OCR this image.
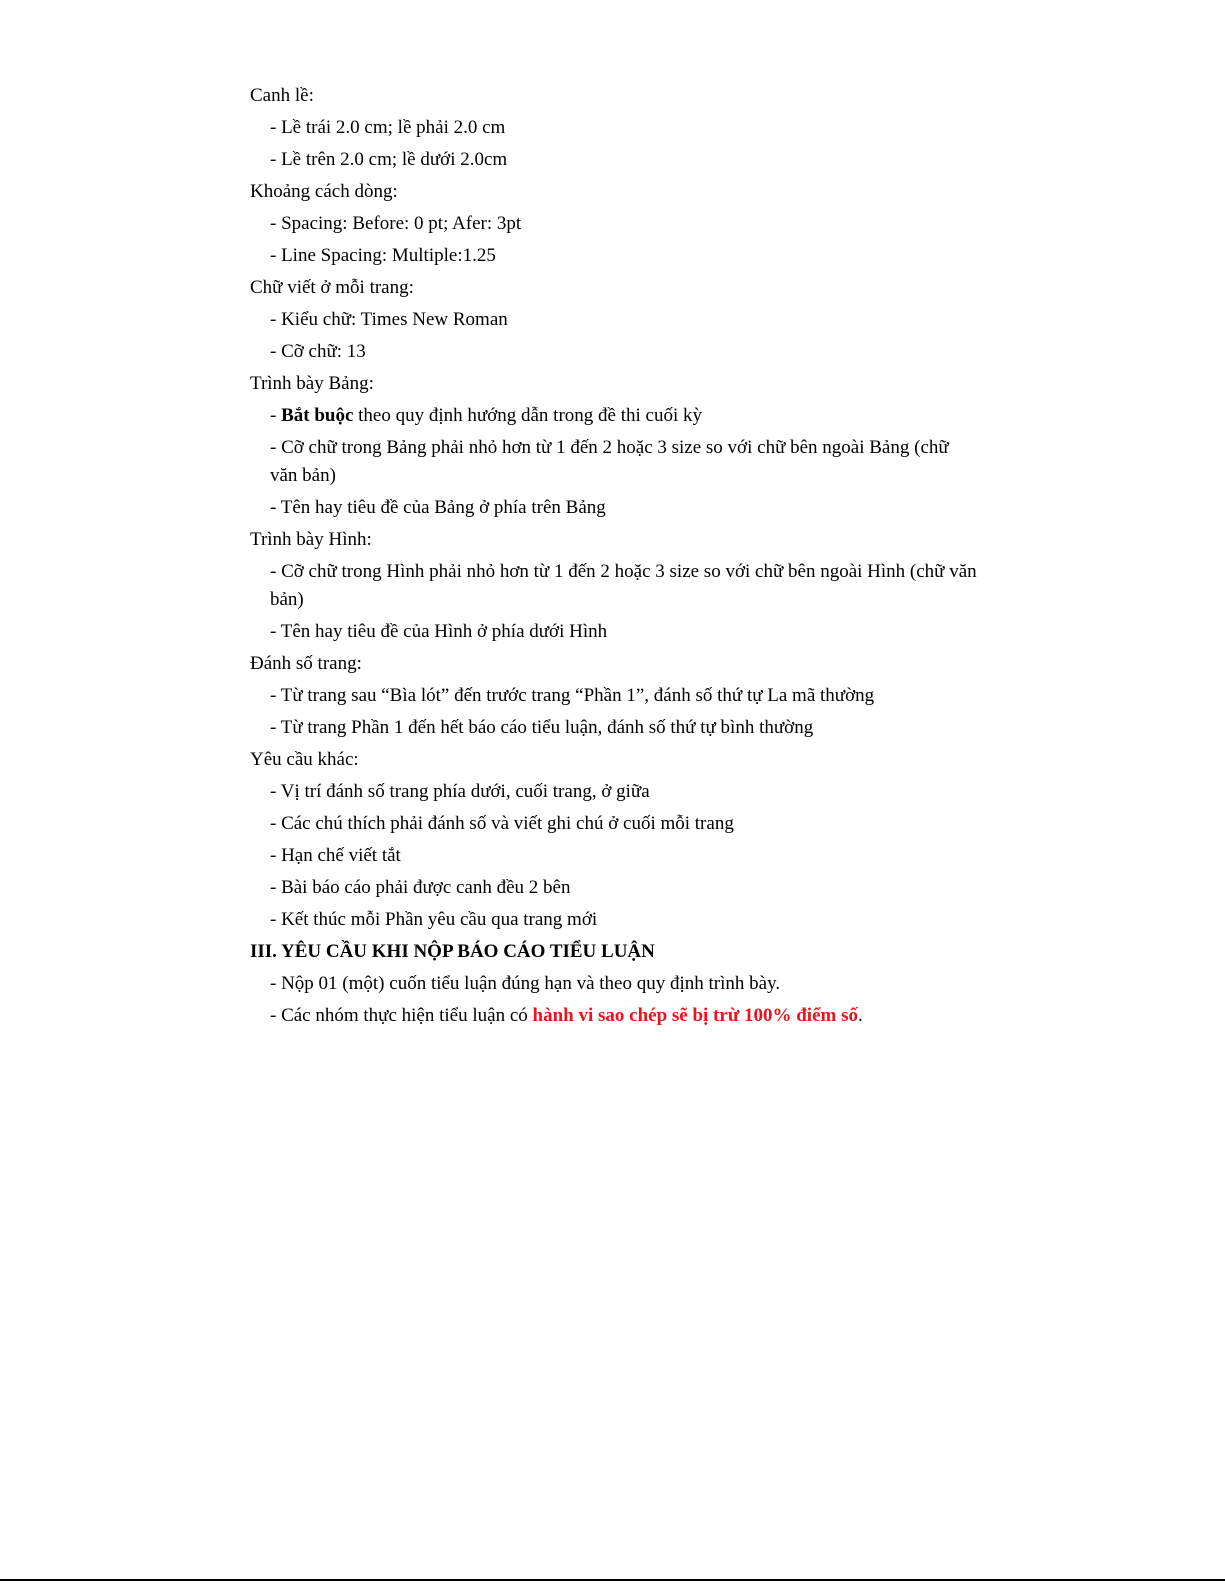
Canh lề:

- Lề trái 2.0 cm; lề phải 2.0 cm

- Lề trên 2.0 cm; lề dưới 2.0cm

Khoảng cách dòng:

- Spacing: Before: 0 pt; Afer: 3pt

- Line Spacing: Multiple:1.25

Chữ viết ở mỗi trang:

- Kiểu chữ: Times New Roman

- Cỡ chữ: 13

Trình bày Bảng:

- Bắt buộc theo quy định hướng dẫn trong đề thi cuối kỳ

- Cỡ chữ trong Bảng phải nhỏ hơn từ 1 đến 2 hoặc 3 size so với chữ bên ngoài Bảng (chữ văn bản)

- Tên hay tiêu đề của Bảng ở phía trên Bảng

Trình bày Hình:

- Cỡ chữ trong Hình phải nhỏ hơn từ 1 đến 2 hoặc 3 size so với chữ bên ngoài Hình (chữ văn bản)

- Tên hay tiêu đề của Hình ở phía dưới Hình

Đánh số trang:

- Từ trang sau “Bìa lót” đến trước trang “Phần 1”, đánh số thứ tự La mã thường

- Từ trang Phần 1 đến hết báo cáo tiểu luận, đánh số thứ tự bình thường

Yêu cầu khác:

- Vị trí đánh số trang phía dưới, cuối trang, ở giữa

- Các chú thích phải đánh số và viết ghi chú ở cuối mỗi trang

- Hạn chế viết tắt

- Bài báo cáo phải được canh đều 2 bên

- Kết thúc mỗi Phần yêu cầu qua trang mới

III. YÊU CẦU KHI NỘP BÁO CÁO TIỂU LUẬN

- Nộp 01 (một) cuốn tiểu luận đúng hạn và theo quy định trình bày.

- Các nhóm thực hiện tiểu luận có hành vi sao chép sẽ bị trừ 100% điểm số.
